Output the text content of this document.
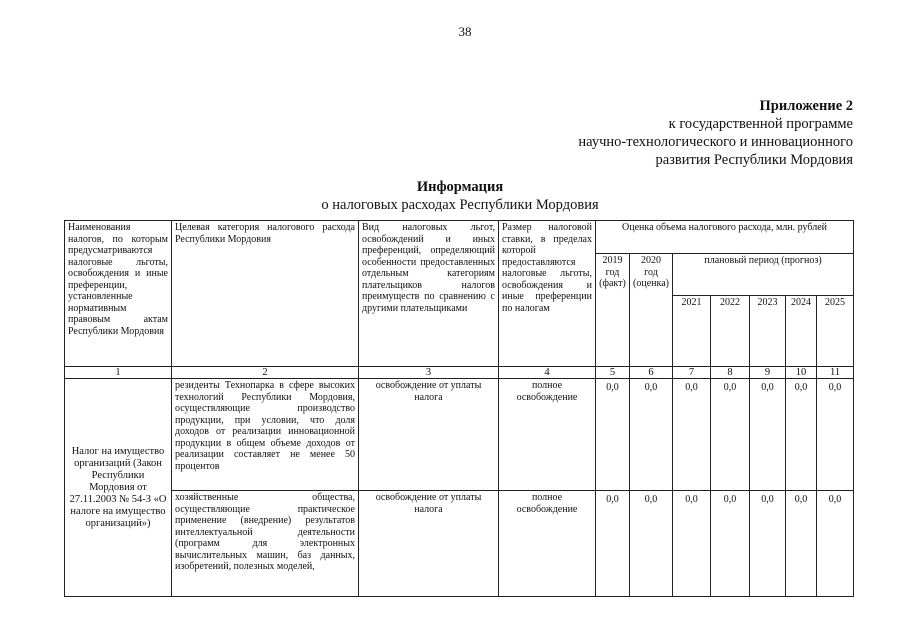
38
Приложение 2
к государственной программе
научно-технологического и инновационного
развития Республики Мордовия
Информация
о налоговых расходах Республики Мордовия
Наименования налогов, по которым предусматриваются налоговые льготы, освобождения и иные преференции, установленные нормативным правовым актам Республики Мордовия	Целевая категория налогового расхода Республики Мордовия	Вид налоговых льгот, освобождений и иных преференций, определяющий особенности предоставленных отдельным категориям плательщиков налогов преимуществ по сравнению с другими плательщиками	Размер налоговой ставки, в пределах которой предоставляются налоговые льготы, освобождения и иные преференции по налогам	Оценка объема налогового расхода, млн. рублей						
				2019 год (факт)	2020 год (оценка)	плановый период (прогноз)				
						2021	2022	2023	2024	2025
1	2	3	4	5	6	7	8	9	10	11
Налог на имущество организаций (Закон Республики Мордовия от 27.11.2003 № 54-З «О налоге на имущество организаций»)	резиденты Технопарка в сфере высоких технологий Республики Мордовия, осуществляющие производство продукции, при условии, что доля доходов от реализации инновационной продукции в общем объеме доходов от реализации составляет не менее 50 процентов	освобождение от уплаты налога	полное освобождение	0,0	0,0	0,0	0,0	0,0	0,0	0,0
	хозяйственные общества, осуществляющие практическое применение (внедрение) результатов интеллектуальной деятельности (программ для электронных вычислительных машин, баз данных, изобретений, полезных моделей,	освобождение от уплаты налога	полное освобождение	0,0	0,0	0,0	0,0	0,0	0,0	0,0
